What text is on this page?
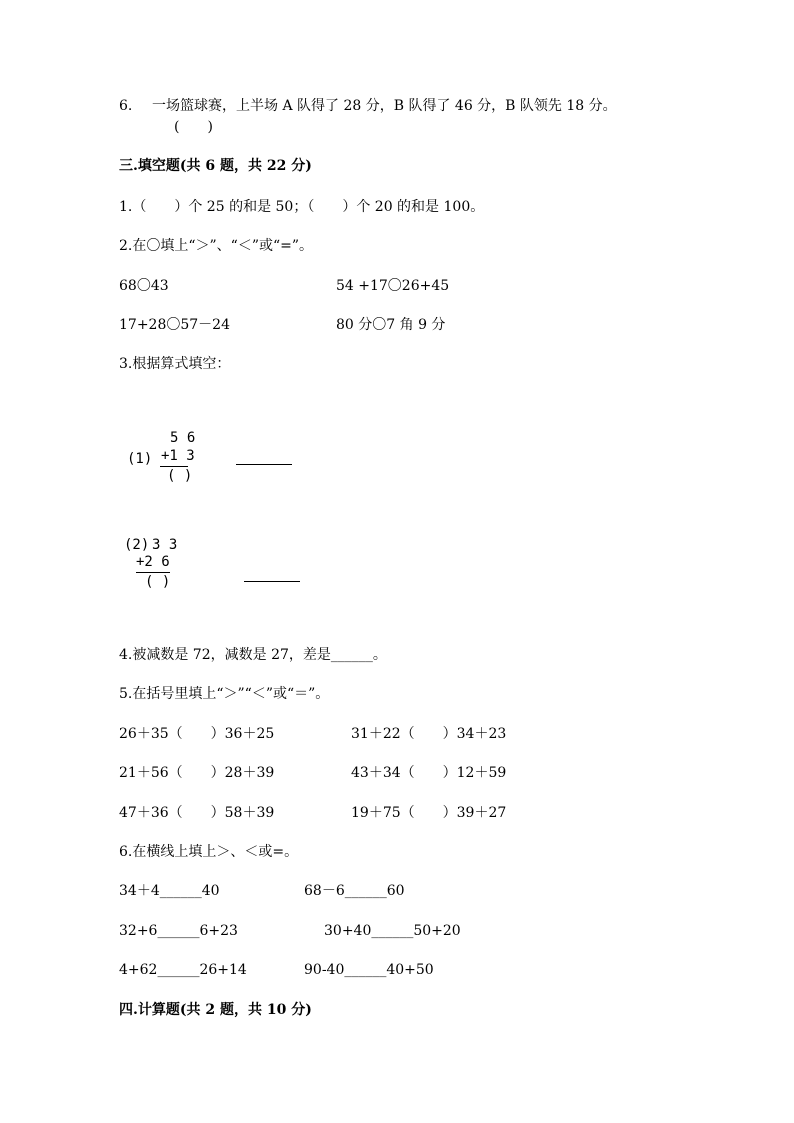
6. 一场篮球赛，上半场 A 队得了 28 分，B 队得了 46 分，B 队领先 18 分。
(　　)
三.填空题(共 6 题，共 22 分)
1.（　　）个 25 的和是 50；（　　）个 20 的和是 100。
2.在〇填上“＞”、“＜”或“=”。
68〇43	54 +17〇26+45
17+28〇57－24	80 分〇7 角 9 分
3.根据算式填空：
(1)
5 6
+1 3
( )
(2) 3 3
+2 6
( )
4.被减数是 72，减数是 27，差是______。
5.在括号里填上“＞”“＜”或“＝”。
26＋35（　　）36＋25	31＋22（　　）34＋23
21＋56（　　）28＋39	43＋34（　　）12＋59
47＋36（　　）58＋39	19＋75（　　）39＋27
6.在横线上填上＞、＜或=。
34＋4______40	68－6______60
32+6______6+23	30+40______50+20
4+62______26+14	90-40______40+50
四.计算题(共 2 题，共 10 分)
